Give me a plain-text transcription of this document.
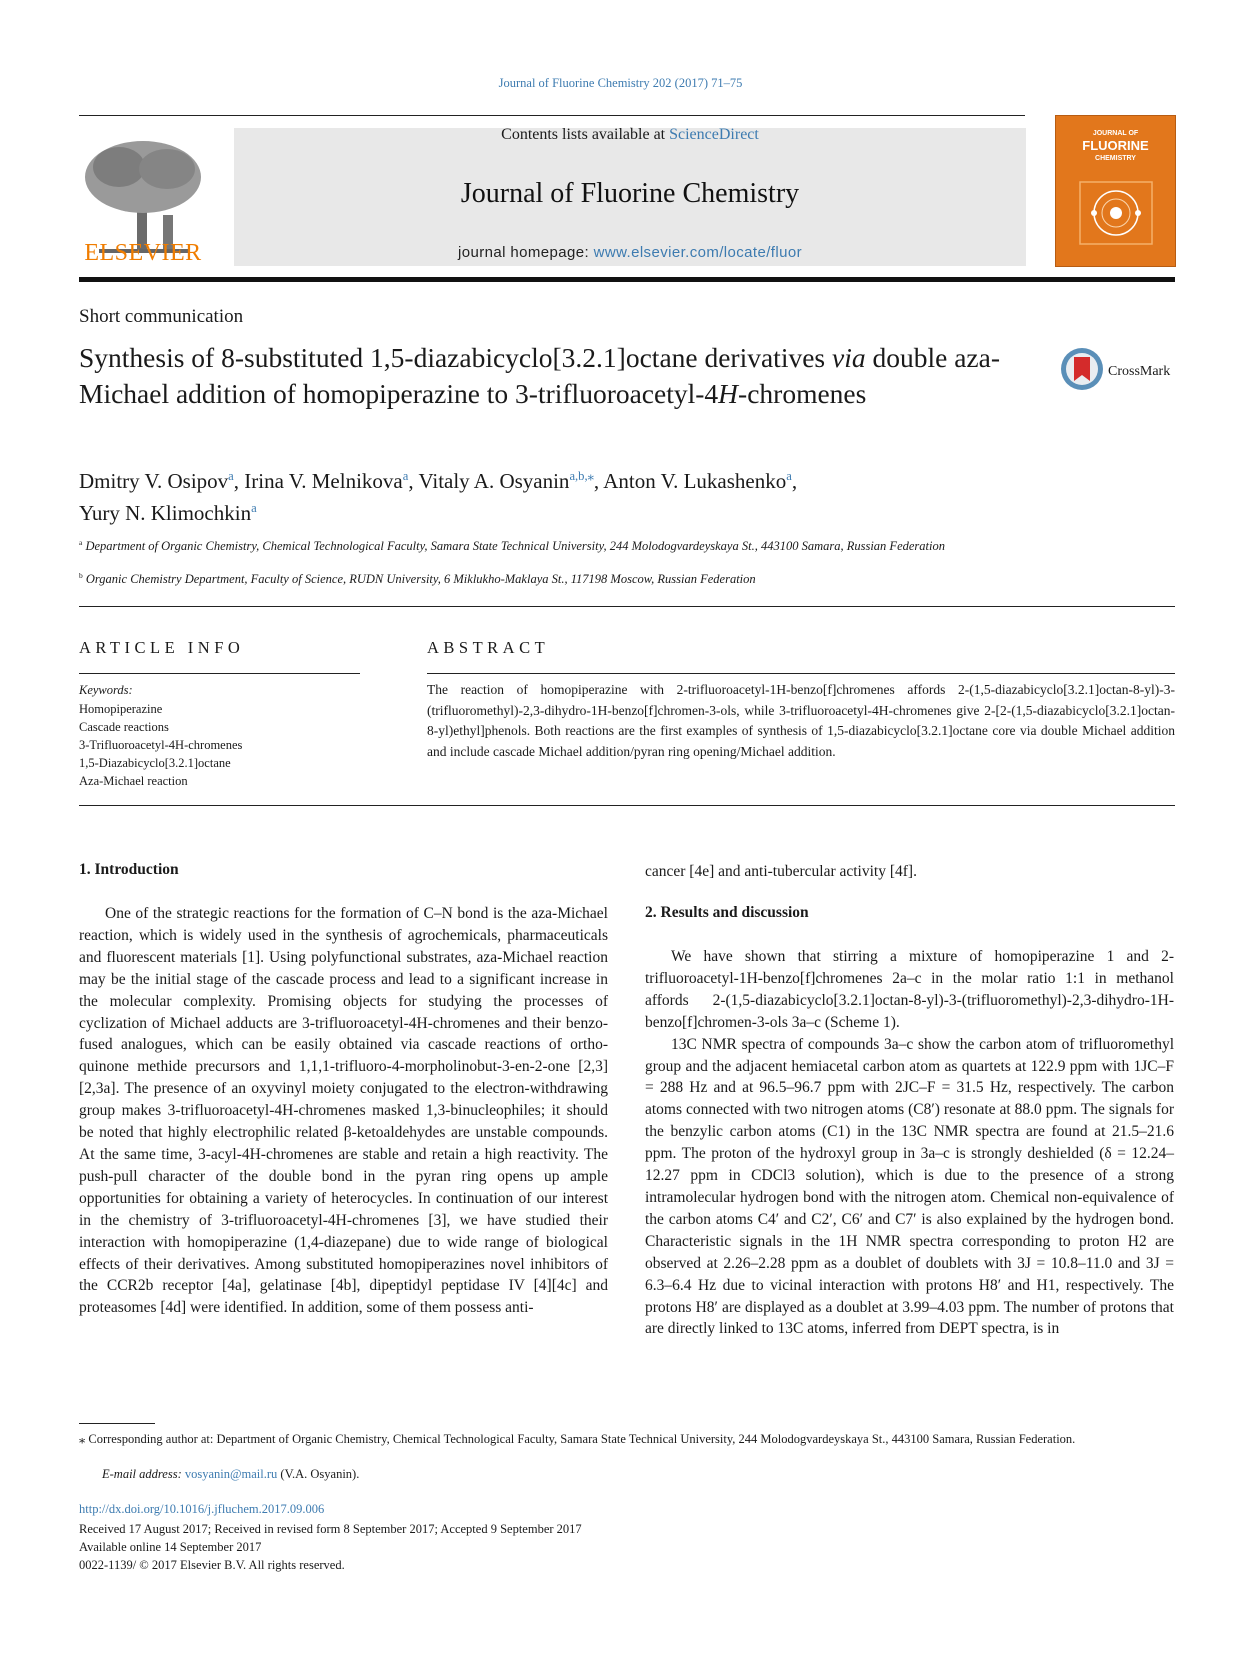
Journal of Fluorine Chemistry 202 (2017) 71–75
ELSEVIER
Contents lists available at ScienceDirect
Journal of Fluorine Chemistry
journal homepage: www.elsevier.com/locate/fluor
JOURNAL OF
FLUORINE
CHEMISTRY
Short communication
Synthesis of 8-substituted 1,5-diazabicyclo[3.2.1]octane derivatives via double aza-Michael addition of homopiperazine to 3-trifluoroacetyl-4H-chromenes
CrossMark
Dmitry V. Osipov$^a$, Irina V. Melnikova$^a$, Vitaly A. Osyanin$^{a,b,⁎}$, Anton V. Lukashenko$^a$,
Yury N. Klimochkin$^a$
$^a$ Department of Organic Chemistry, Chemical Technological Faculty, Samara State Technical University, 244 Molodogvardeyskaya St., 443100 Samara, Russian Federation
$^b$ Organic Chemistry Department, Faculty of Science, RUDN University, 6 Miklukho-Maklaya St., 117198 Moscow, Russian Federation
ARTICLE INFO
Keywords:
Homopiperazine
Cascade reactions
3-Trifluoroacetyl-4H-chromenes
1,5-Diazabicyclo[3.2.1]octane
Aza-Michael reaction
ABSTRACT
The reaction of homopiperazine with 2-trifluoroacetyl-1H-benzo[f]chromenes affords 2-(1,5-diazabicyclo[3.2.1]octan-8-yl)-3-(trifluoromethyl)-2,3-dihydro-1H-benzo[f]chromen-3-ols, while 3-trifluoroacetyl-4H-chromenes give 2-[2-(1,5-diazabicyclo[3.2.1]octan-8-yl)ethyl]phenols. Both reactions are the first examples of synthesis of 1,5-diazabicyclo[3.2.1]octane core via double Michael addition and include cascade Michael addition/pyran ring opening/Michael addition.
1. Introduction
One of the strategic reactions for the formation of C–N bond is the aza-Michael reaction, which is widely used in the synthesis of agrochemicals, pharmaceuticals and fluorescent materials [1]. Using polyfunctional substrates, aza-Michael reaction may be the initial stage of the cascade process and lead to a significant increase in the molecular complexity. Promising objects for studying the processes of cyclization of Michael adducts are 3-trifluoroacetyl-4H-chromenes and their benzo-fused analogues, which can be easily obtained via cascade reactions of ortho-quinone methide precursors and 1,1,1-trifluoro-4-morpholinobut-3-en-2-one [2,3][2,3a]. The presence of an oxyvinyl moiety conjugated to the electron-withdrawing group makes 3-trifluoroacetyl-4H-chromenes masked 1,3-binucleophiles; it should be noted that highly electrophilic related β-ketoaldehydes are unstable compounds. At the same time, 3-acyl-4H-chromenes are stable and retain a high reactivity. The push-pull character of the double bond in the pyran ring opens up ample opportunities for obtaining a variety of heterocycles. In continuation of our interest in the chemistry of 3-trifluoroacetyl-4H-chromenes [3], we have studied their interaction with homopiperazine (1,4-diazepane) due to wide range of biological effects of their derivatives. Among substituted homopiperazines novel inhibitors of the CCR2b receptor [4a], gelatinase [4b], dipeptidyl peptidase IV [4][4c] and proteasomes [4d] were identified. In addition, some of them possess anti-
cancer [4e] and anti-tubercular activity [4f].
2. Results and discussion

We have shown that stirring a mixture of homopiperazine 1 and 2-trifluoroacetyl-1H-benzo[f]chromenes 2a–c in the molar ratio 1:1 in methanol affords 2-(1,5-diazabicyclo[3.2.1]octan-8-yl)-3-(trifluoromethyl)-2,3-dihydro-1H-benzo[f]chromen-3-ols 3a–c (Scheme 1).

13C NMR spectra of compounds 3a–c show the carbon atom of trifluoromethyl group and the adjacent hemiacetal carbon atom as quartets at 122.9 ppm with 1JC–F = 288 Hz and at 96.5–96.7 ppm with 2JC–F = 31.5 Hz, respectively. The carbon atoms connected with two nitrogen atoms (C8′) resonate at 88.0 ppm. The signals for the benzylic carbon atoms (C1) in the 13C NMR spectra are found at 21.5–21.6 ppm. The proton of the hydroxyl group in 3a–c is strongly deshielded (δ = 12.24–12.27 ppm in CDCl3 solution), which is due to the presence of a strong intramolecular hydrogen bond with the nitrogen atom. Chemical non-equivalence of the carbon atoms C4′ and C2′, C6′ and C7′ is also explained by the hydrogen bond. Characteristic signals in the 1H NMR spectra corresponding to proton H2 are observed at 2.26–2.28 ppm as a doublet of doublets with 3J = 10.8–11.0 and 3J = 6.3–6.4 Hz due to vicinal interaction with protons H8′ and H1, respectively. The protons H8′ are displayed as a doublet at 3.99–4.03 ppm. The number of protons that are directly linked to 13C atoms, inferred from DEPT spectra, is in

⁎ Corresponding author at: Department of Organic Chemistry, Chemical Technological Faculty, Samara State Technical University, 244 Molodogvardeyskaya St., 443100 Samara, Russian Federation.
E-mail address: vosyanin@mail.ru (V.A. Osyanin).
http://dx.doi.org/10.1016/j.jfluchem.2017.09.006
Received 17 August 2017; Received in revised form 8 September 2017; Accepted 9 September 2017
Available online 14 September 2017
0022-1139/ © 2017 Elsevier B.V. All rights reserved.
